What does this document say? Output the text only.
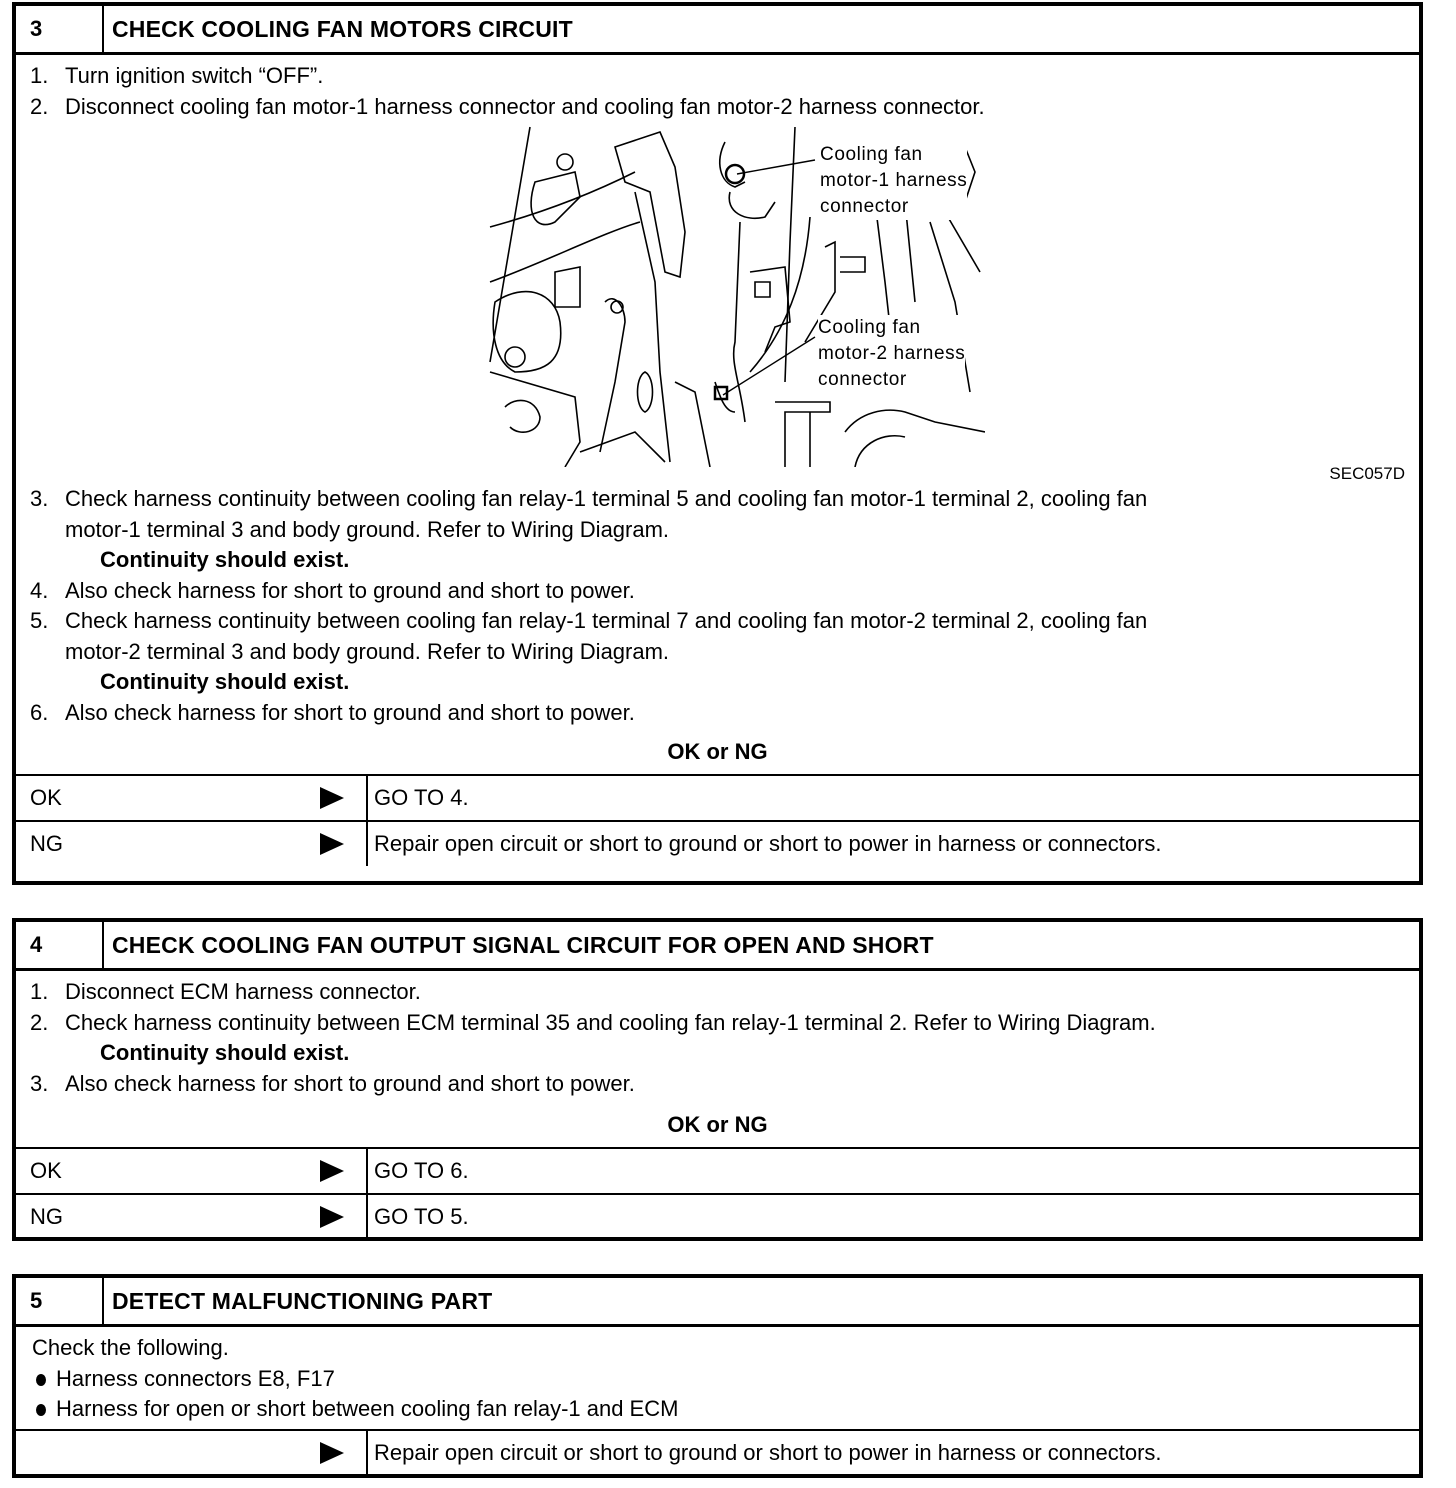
3	CHECK COOLING FAN MOTORS CIRCUIT
1. Turn ignition switch “OFF”.
2. Disconnect cooling fan motor-1 harness connector and cooling fan motor-2 harness connector.
Cooling fan
motor-1 harness
connector
Cooling fan
motor-2 harness
connector
SEC057D
3. Check harness continuity between cooling fan relay-1 terminal 5 and cooling fan motor-1 terminal 2, cooling fan
motor-1 terminal 3 and body ground. Refer to Wiring Diagram.
Continuity should exist.
4. Also check harness for short to ground and short to power.
5. Check harness continuity between cooling fan relay-1 terminal 7 and cooling fan motor-2 terminal 2, cooling fan
motor-2 terminal 3 and body ground. Refer to Wiring Diagram.
Continuity should exist.
6. Also check harness for short to ground and short to power.
OK or NG
OK	GO TO 4.
NG	Repair open circuit or short to ground or short to power in harness or connectors.
4	CHECK COOLING FAN OUTPUT SIGNAL CIRCUIT FOR OPEN AND SHORT
1. Disconnect ECM harness connector.
2. Check harness continuity between ECM terminal 35 and cooling fan relay-1 terminal 2. Refer to Wiring Diagram.
Continuity should exist.
3. Also check harness for short to ground and short to power.
OK or NG
OK	GO TO 6.
NG	GO TO 5.
5	DETECT MALFUNCTIONING PART
Check the following.
Harness connectors E8, F17
Harness for open or short between cooling fan relay-1 and ECM
Repair open circuit or short to ground or short to power in harness or connectors.
